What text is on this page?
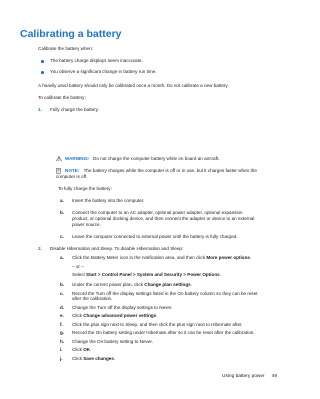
Calibrating a battery
Calibrate the battery when:
The battery charge displays seem inaccurate.
You observe a significant change in battery run time.
A heavily used battery should only be calibrated once a month. Do not calibrate a new battery.
To calibrate the battery:
1. Fully charge the battery.
WARNING! Do not charge the computer battery while on board an aircraft.
NOTE: The battery charges while the computer is off or in use, but it charges faster when the
computer is off.
To fully charge the battery:
a. Insert the battery into the computer.
b. Connect the computer to an AC adapter, optional power adapter, optional expansion
product, or optional docking device, and then connect the adapter or device to an external
power source.
c. Leave the computer connected to external power until the battery is fully charged.
2. Disable Hibernation and Sleep. To disable Hibernation and Sleep:
a. Click the Battery Meter icon in the notification area, and then click More power options.
– or –
Select Start > Control Panel > System and Security > Power Options.
b. Under the current power plan, click Change plan settings.
c. Record the Turn off the display settings listed in the On battery column so they can be reset
after the calibration.
d. Change the Turn off the display settings to Never.
e. Click Change advanced power settings.
f. Click the plus sign next to Sleep, and then click the plus sign next to Hibernate after.
g. Record the On battery setting under Hibernate after so it can be reset after the calibration.
h. Change the On battery setting to Never.
i. Click OK.
j. Click Save changes.
Using battery power 49
